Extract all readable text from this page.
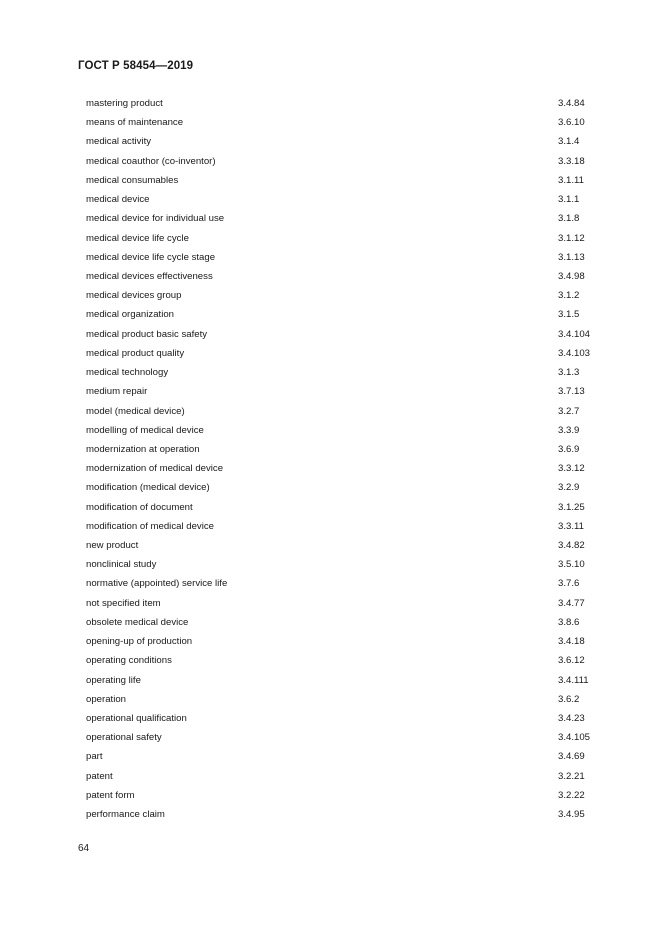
ГОСТ Р 58454—2019
mastering product	3.4.84
means of maintenance	3.6.10
medical activity	3.1.4
medical coauthor (co-inventor)	3.3.18
medical consumables	3.1.11
medical device	3.1.1
medical device for individual use	3.1.8
medical device life cycle	3.1.12
medical device life cycle stage	3.1.13
medical devices effectiveness	3.4.98
medical devices group	3.1.2
medical organization	3.1.5
medical product basic safety	3.4.104
medical product quality	3.4.103
medical technology	3.1.3
medium repair	3.7.13
model (medical device)	3.2.7
modelling of medical device	3.3.9
modernization at operation	3.6.9
modernization of medical device	3.3.12
modification (medical device)	3.2.9
modification of document	3.1.25
modification of medical device	3.3.11
new product	3.4.82
nonclinical study	3.5.10
normative (appointed) service life	3.7.6
not specified item	3.4.77
obsolete medical device	3.8.6
opening-up of production	3.4.18
operating conditions	3.6.12
operating life	3.4.111
operation	3.6.2
operational qualification	3.4.23
operational safety	3.4.105
part	3.4.69
patent	3.2.21
patent form	3.2.22
performance claim	3.4.95
64
